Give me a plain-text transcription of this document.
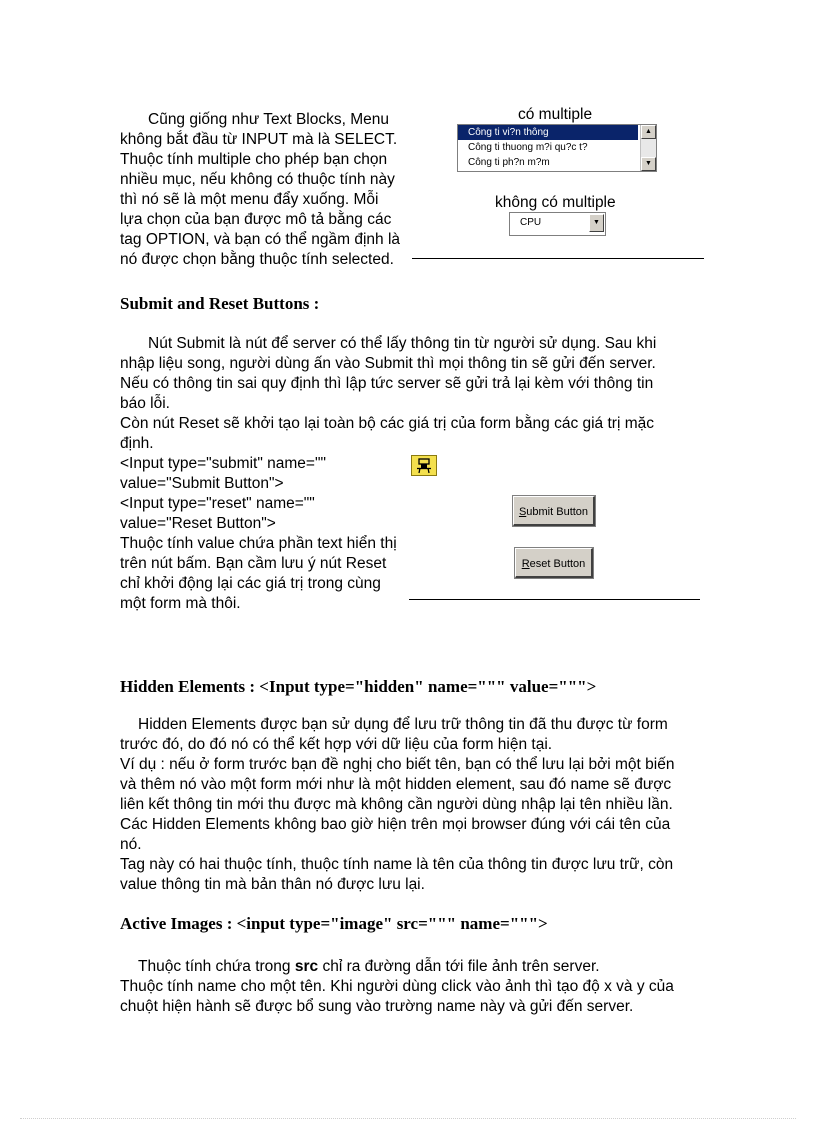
Cũng giống như Text Blocks, Menu
không bắt đầu từ INPUT mà là SELECT.
Thuộc tính multiple cho phép bạn chọn
nhiều mục, nếu không có thuộc tính này
thì nó sẽ là một menu đẩy xuống. Mỗi
lựa chọn của bạn được mô tả bằng các
tag OPTION, và bạn có thể ngầm định là
nó được chọn bằng thuộc tính selected.
có multiple
Công ti vi?n thông
Công ti thuong m?i qu?c t?
Công ti ph?n m?m
▲
▼
không có multiple
CPU	▼
Submit and Reset Buttons :
Nút Submit là nút để server có thể lấy thông tin từ người sử dụng. Sau khi
nhập liệu song, người dùng ấn vào Submit thì mọi thông tin sẽ gửi đến server.
Nếu có thông tin sai quy định thì lập tức server sẽ gửi trả lại kèm với thông tin
báo lỗi.
Còn nút Reset sẽ khởi tạo lại toàn bộ các giá trị của form bằng các giá trị mặc
định.
<Input type="submit" name=""
value="Submit Button">
<Input type="reset" name=""
value="Reset Button">
Thuộc tính value chứa phần text hiển thị
trên nút bấm. Bạn cầm lưu ý nút Reset
chỉ khởi động lại các giá trị trong cùng
một form mà thôi.
Submit Button
Reset Button
Hidden Elements : <Input type="hidden" name=""" value=""">
Hidden Elements được bạn sử dụng để lưu trữ thông tin đã thu được từ form
trước đó, do đó nó có thể kết hợp với dữ liệu của form hiện tại.
Ví dụ : nếu ở form trước bạn đề nghị cho biết tên, bạn có thể lưu lại bởi một biến
và thêm nó vào một form mới như là một hidden element, sau đó name sẽ được
liên kết thông tin mới thu được mà không cần người dùng nhập lại tên nhiều lần.
Các Hidden Elements không bao giờ hiện trên mọi browser đúng với cái tên của
nó.
Tag này có hai thuộc tính, thuộc tính name là tên của thông tin được lưu trữ, còn
value thông tin mà bản thân nó được lưu lại.
Active Images : <input type="image" src=""" name=""">
Thuộc tính chứa trong src chỉ ra đường dẫn tới file ảnh trên server.
Thuộc tính name cho một tên. Khi người dùng click vào ảnh thì tạo độ x và y của
chuột hiện hành sẽ được bổ sung vào trường name này và gửi đến server.
